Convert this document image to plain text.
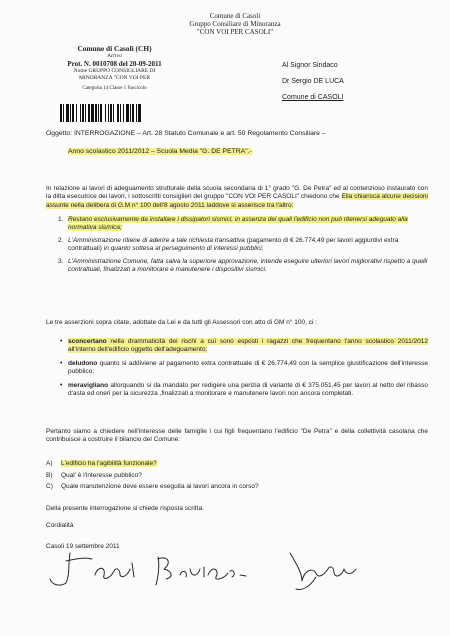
Comune di Casoli
Gruppo Consiliare di Minoranza
"CON VOI PER CASOLI"
Comune di Casoli (CH)
Arrivo
Prot. N. 0010708 del 20-09-2011
Nome GRUPPO CONSIGLIARE DI
MINORANZA "CON VOI PER
Categoria 14 Classe 1 Fascicolo
Al Signor Sindaco
Dr Sergio DE LUCA
Comune di CASOLI
Oggetto: INTERROGAZIONE – Art. 28 Statuto Comunale e art. 50 Regolamento Consiliare –
Anno scolastico 2011/2012 – Scuola Media "G. DE PETRA".-
In relazione ai lavori di adeguamento strutturale della scuola secondaria di 1° grado "G. De Petra" ed al contenzioso instaurato con la ditta esecutrice dei lavori, i sottoscritti consiglieri del gruppo "CON VOI PER CASOLI" chiedono che Ella chiarisca alcune decisioni assunte nella delibera di G.M n° 100 dell'8 agosto 2011 laddove si asserisce tra l'altro:
1. Restano esclusivamente da installare i dissipatori sismici, in assenza dei quali l'edificio non può ritenersi adeguato alla normativa sismica;
2. L'Amministrazione ritiene di aderire a tale richiesta transattiva (pagamento di € 26.774,49 per lavori aggiuntivi extra contrattuali) in quanto sottesa al perseguimento di interessi pubblici;
3. L'Amministrazione Comune, fatta salva la superiore approvazione, intende eseguire ulteriori lavori migliorativi rispetto a quelli contrattuali, finalizzati a monitorare e manutenere i dispositivi sismici.
Le tre asserzioni sopra citate, adottate da Lei e da tutti gli Assessori con atto di GM n° 100, ci :
• sconcertano nella drammaticità dei rischi a cui sono esposti i ragazzi che frequentano l'anno scolastico 2011/2012 all'interno dell'edificio oggetto dell'adeguamento;
• deludono quanto si addiviene al pagamento extra contrattuale di € 26.774,49 con la semplice giustificazione dell'interesse pubblico;
• meravigliano allorquando si da mandato per redigere una perizia di variante di € 375.051,45 per lavori al netto del ribasso d'asta ed oneri per la sicurezza ,finalizzati a monitorare e manutenere lavori non ancora completati.
Pertanto siamo a chiedere nell'interesse delle famiglie i cui figli frequentano l'edificio "De Petra" e della collettività casolana che contribuisce a costruire il bilancio del Comune:
A) L'edificio ha l'agibilità funzionale?
B) Qual' è l'interesse pubblico?
C) Quale manutenzione deve essere eseguita ai lavori ancora in corso?
Della presente interrogazione si chiede risposta scritta.
Cordialità
Casoli 19 settembre 2011
